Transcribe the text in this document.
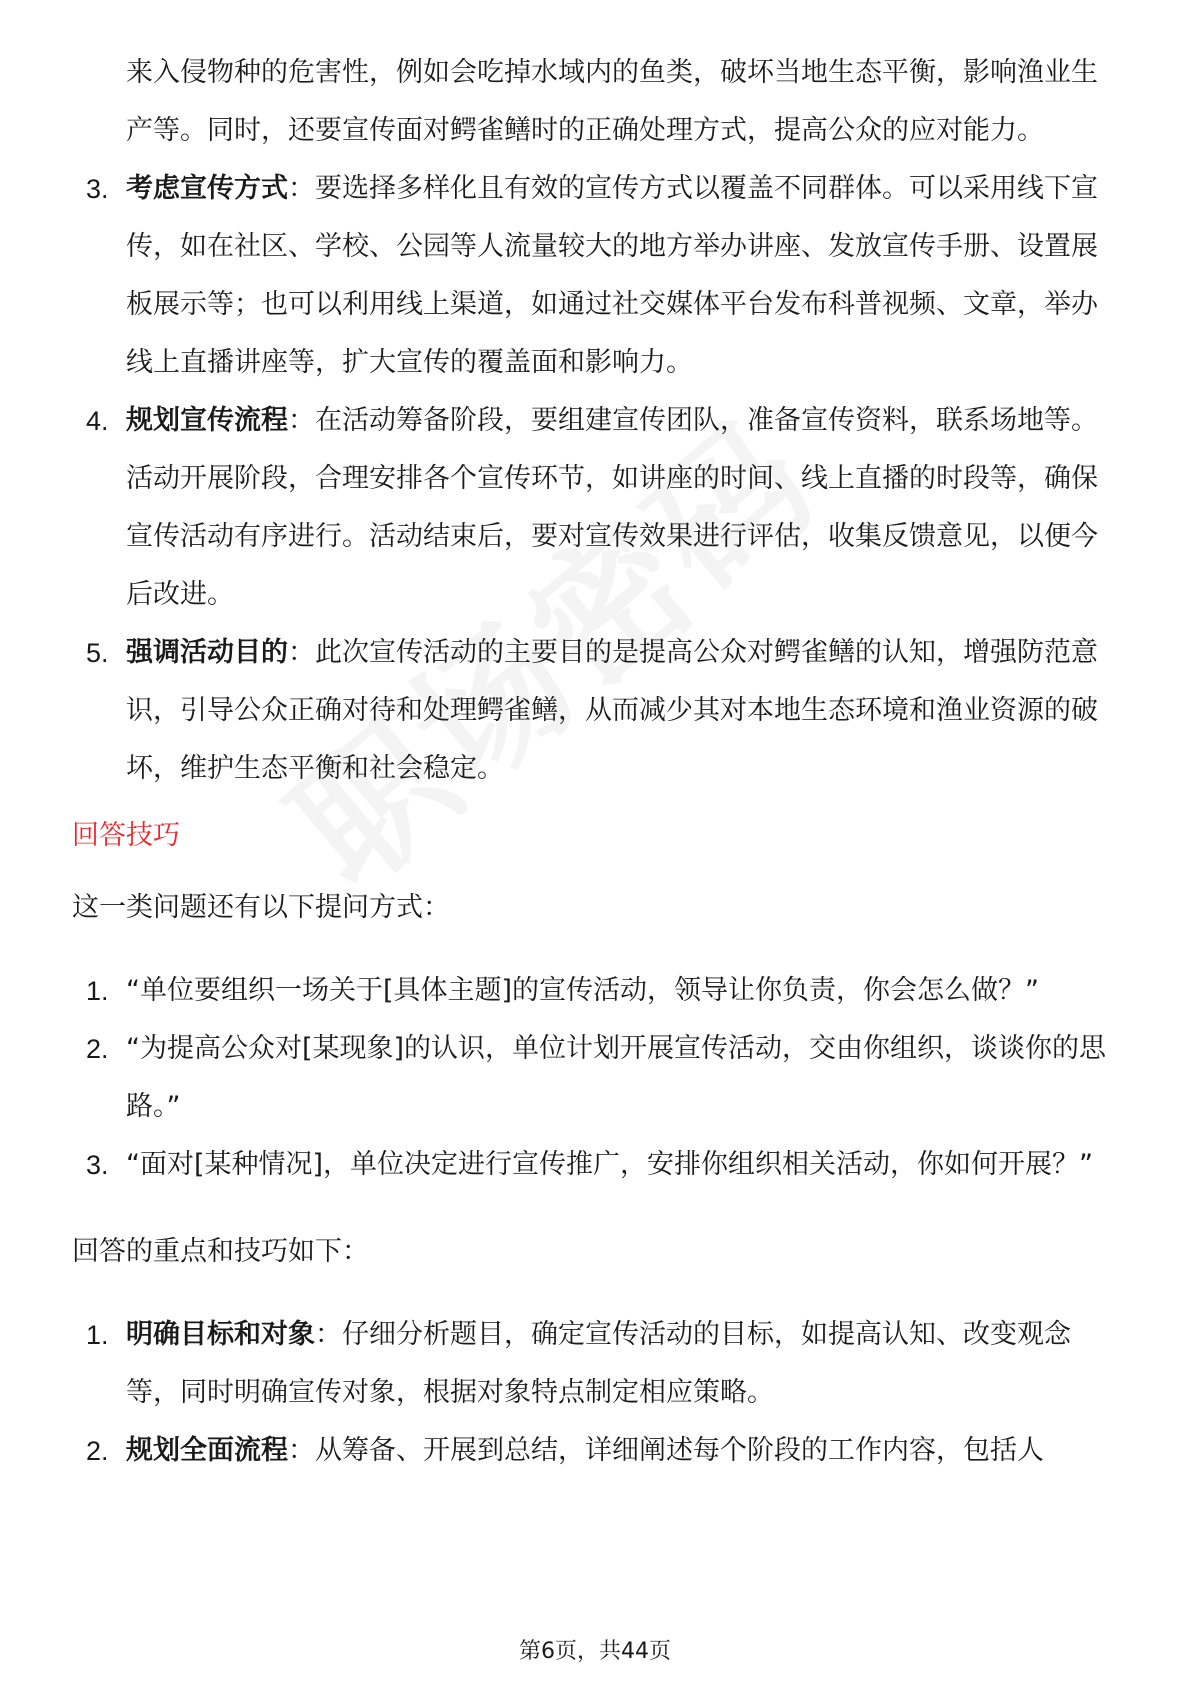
来入侵物种的危害性，例如会吃掉水域内的鱼类，破坏当地生态平衡，影响渔业生产等。同时，还要宣传面对鳄雀鳝时的正确处理方式，提高公众的应对能力。
3. 考虑宣传方式：要选择多样化且有效的宣传方式以覆盖不同群体。可以采用线下宣传，如在社区、学校、公园等人流量较大的地方举办讲座、发放宣传手册、设置展板展示等；也可以利用线上渠道，如通过社交媒体平台发布科普视频、文章，举办线上直播讲座等，扩大宣传的覆盖面和影响力。
4. 规划宣传流程：在活动筹备阶段，要组建宣传团队，准备宣传资料，联系场地等。活动开展阶段，合理安排各个宣传环节，如讲座的时间、线上直播的时段等，确保宣传活动有序进行。活动结束后，要对宣传效果进行评估，收集反馈意见，以便今后改进。
5. 强调活动目的：此次宣传活动的主要目的是提高公众对鳄雀鳝的认知，增强防范意识，引导公众正确对待和处理鳄雀鳝，从而减少其对本地生态环境和渔业资源的破坏，维护生态平衡和社会稳定。
回答技巧
这一类问题还有以下提问方式：
1. “单位要组织一场关于[具体主题]的宣传活动，领导让你负责，你会怎么做？”
2. “为提高公众对[某现象]的认识，单位计划开展宣传活动，交由你组织，谈谈你的思路。”
3. “面对[某种情况]，单位决定进行宣传推广，安排你组织相关活动，你如何开展？”
回答的重点和技巧如下：
1. 明确目标和对象：仔细分析题目，确定宣传活动的目标，如提高认知、改变观念等，同时明确宣传对象，根据对象特点制定相应策略。
2. 规划全面流程：从筹备、开展到总结，详细阐述每个阶段的工作内容，包括人
第6页，共44页
